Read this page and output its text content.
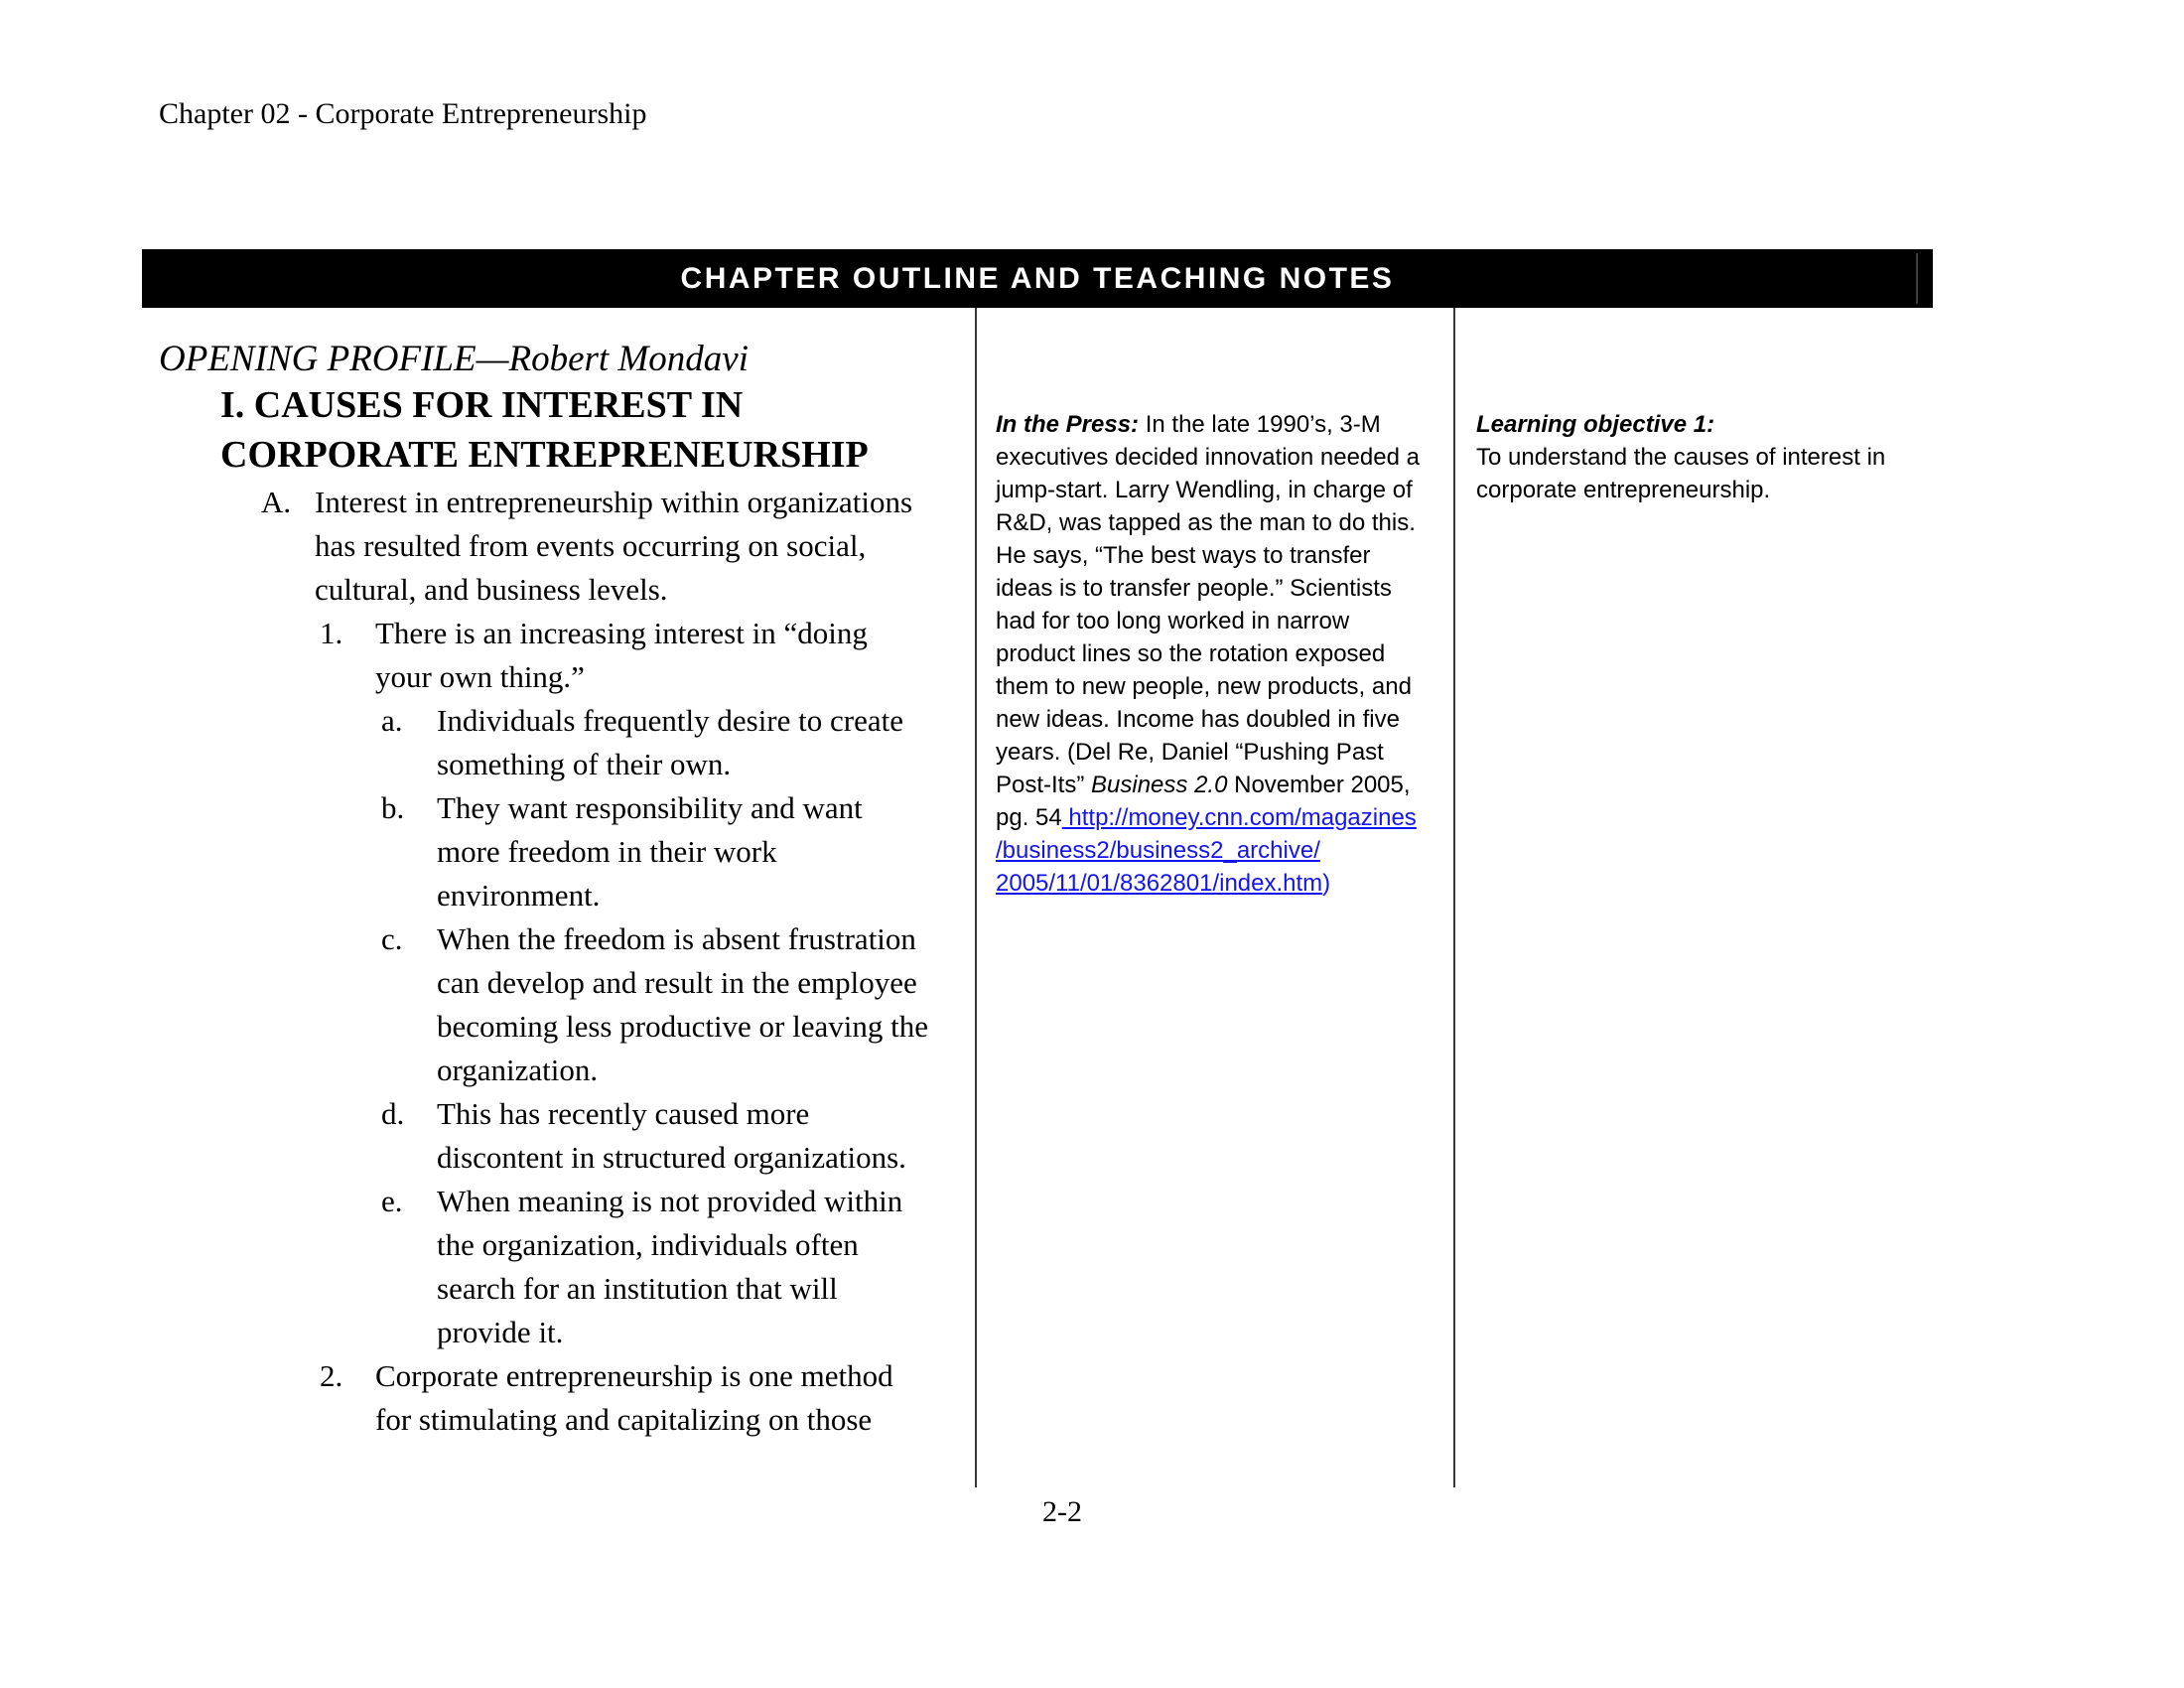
Chapter 02 - Corporate Entrepreneurship
CHAPTER OUTLINE AND TEACHING NOTES
OPENING PROFILE—Robert Mondavi
I. CAUSES FOR INTEREST IN
CORPORATE ENTREPRENEURSHIP
A. Interest in entrepreneurship within organizations
has resulted from events occurring on social,
cultural, and business levels.
1.	There is an increasing interest in “doing
your own thing.”
a.	Individuals frequently desire to create
something of their own.
b.	They want responsibility and want
more freedom in their work
environment.
c.	When the freedom is absent frustration
can develop and result in the employee
becoming less productive or leaving the
organization.
d.	This has recently caused more
discontent in structured organizations.
e.	When meaning is not provided within
the organization, individuals often
search for an institution that will
provide it.
2.	Corporate entrepreneurship is one method
for stimulating and capitalizing on those
In the Press: In the late 1990’s, 3-M
executives decided innovation needed a
jump-start. Larry Wendling, in charge of
R&D, was tapped as the man to do this.
He says, “The best ways to transfer
ideas is to transfer people.” Scientists
had for too long worked in narrow
product lines so the rotation exposed
them to new people, new products, and
new ideas. Income has doubled in five
years. (Del Re, Daniel “Pushing Past
Post-Its” Business 2.0 November 2005,
pg. 54 http://money.cnn.com/magazines
/business2/business2_archive/
2005/11/01/8362801/index.htm)
Learning objective 1:
To understand the causes of interest in
corporate entrepreneurship.
2-2
